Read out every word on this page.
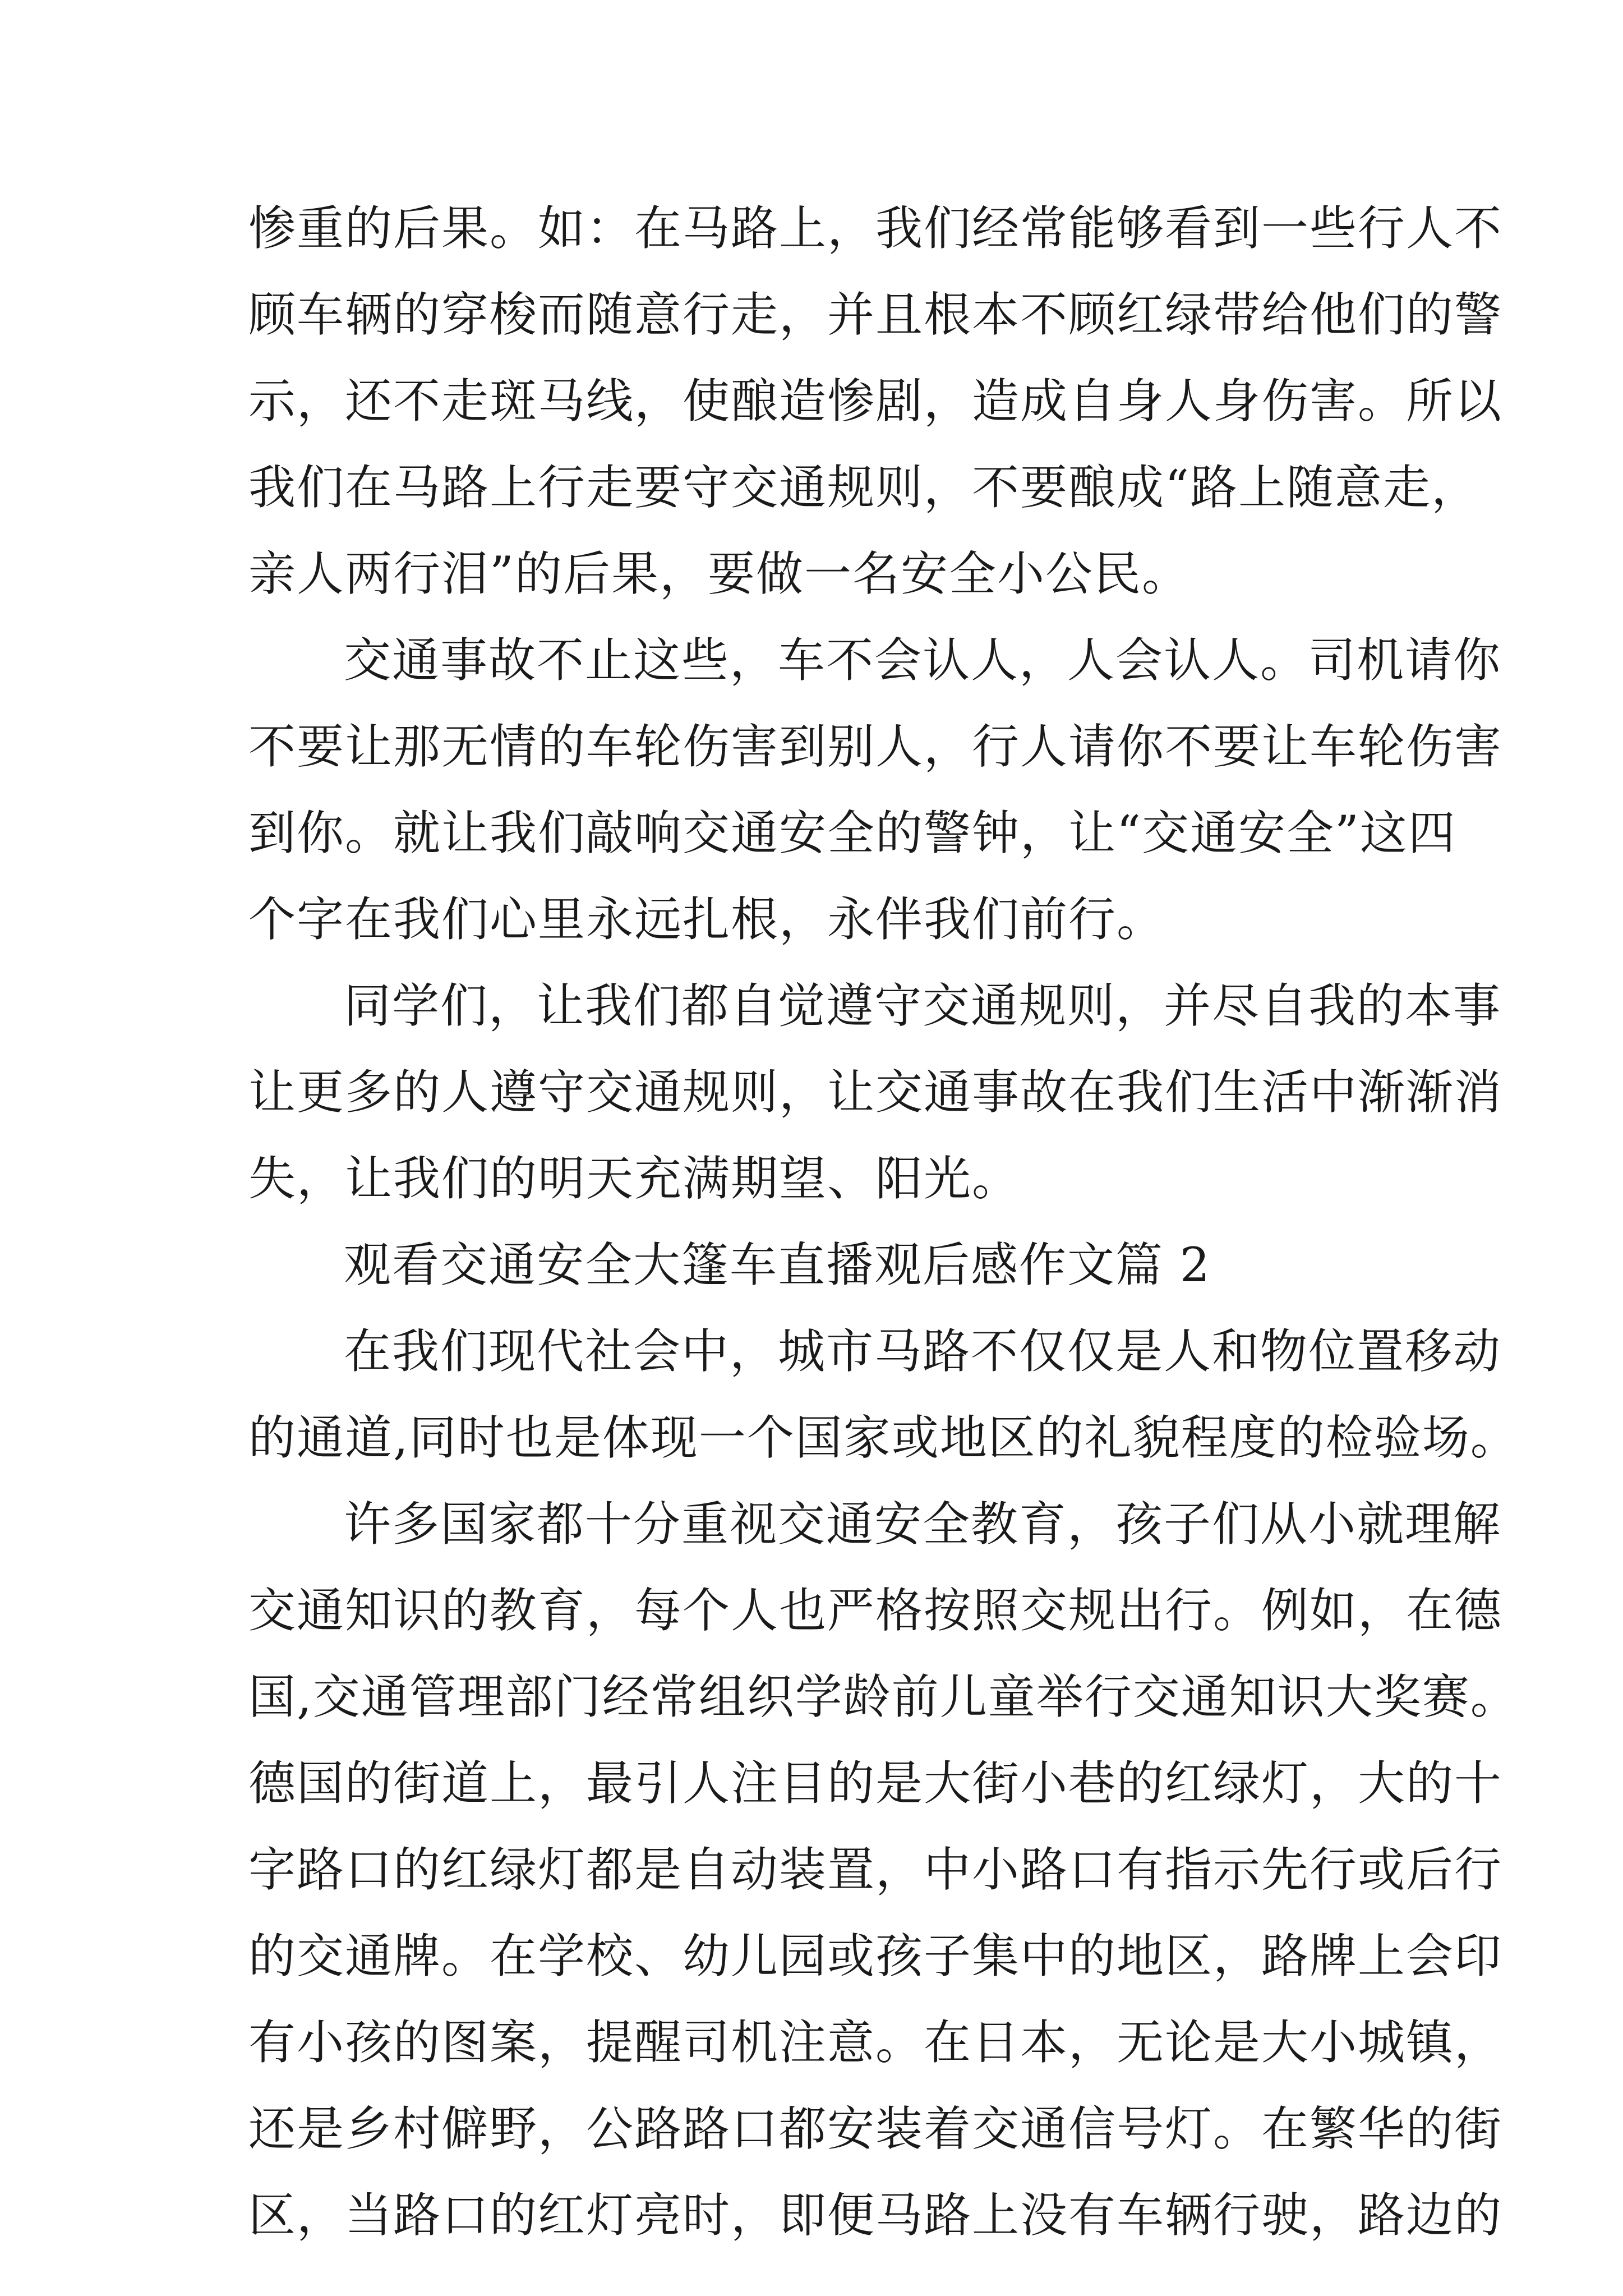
惨重的后果。如：在马路上，我们经常能够看到一些行人不
顾车辆的穿梭而随意行走，并且根本不顾红绿带给他们的警
示，还不走斑马线，使酿造惨剧，造成自身人身伤害。所以
我们在马路上行走要守交通规则，不要酿成“路上随意走，
亲人两行泪”的后果，要做一名安全小公民。
交通事故不止这些，车不会认人，人会认人。司机请你
不要让那无情的车轮伤害到别人，行人请你不要让车轮伤害
到你。就让我们敲响交通安全的警钟，让“交通安全”这四
个字在我们心里永远扎根，永伴我们前行。
同学们，让我们都自觉遵守交通规则，并尽自我的本事
让更多的人遵守交通规则，让交通事故在我们生活中渐渐消
失，让我们的明天充满期望、阳光。
观看交通安全大篷车直播观后感作文篇 2
在我们现代社会中，城市马路不仅仅是人和物位置移动
的通道,同时也是体现一个国家或地区的礼貌程度的检验场。
许多国家都十分重视交通安全教育，孩子们从小就理解
交通知识的教育，每个人也严格按照交规出行。例如，在德
国,交通管理部门经常组织学龄前儿童举行交通知识大奖赛。
德国的街道上，最引人注目的是大街小巷的红绿灯，大的十
字路口的红绿灯都是自动装置，中小路口有指示先行或后行
的交通牌。在学校、幼儿园或孩子集中的地区，路牌上会印
有小孩的图案，提醒司机注意。在日本，无论是大小城镇，
还是乡村僻野，公路路口都安装着交通信号灯。在繁华的街
区，当路口的红灯亮时，即便马路上没有车辆行驶，路边的
